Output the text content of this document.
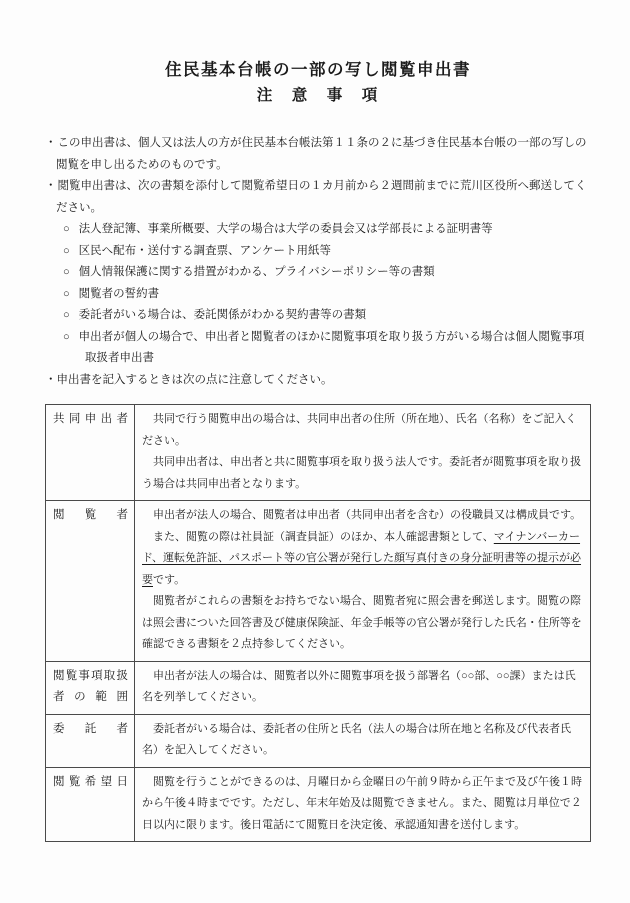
住民基本台帳の一部の写し閲覧申出書
注　意　事　項
・この申出書は、個人又は法人の方が住民基本台帳法第１１条の２に基づき住民基本台帳の一部の写しの閲覧を申し出るためのものです。
・閲覧申出書は、次の書類を添付して閲覧希望日の１カ月前から２週間前までに荒川区役所へ郵送してください。
○ 法人登記簿、事業所概要、大学の場合は大学の委員会又は学部長による証明書等
○ 区民へ配布・送付する調査票、アンケート用紙等
○ 個人情報保護に関する措置がわかる、プライバシーポリシー等の書類
○ 閲覧者の誓約書
○ 委託者がいる場合は、委託関係がわかる契約書等の書類
○ 申出者が個人の場合で、申出者と閲覧者のほかに閲覧事項を取り扱う方がいる場合は個人閲覧事項取扱者申出書
・申出書を記入するときは次の点に注意してください。
共同申出者	共同で行う閲覧申出の場合は、共同申出者の住所（所在地）、氏名（名称）をご記入ください。

共同申出者は、申出者と共に閲覧事項を取り扱う法人です。委託者が閲覧事項を取り扱う場合は共同申出者となります。

閲覧者	申出者が法人の場合、閲覧者は申出者（共同申出者を含む）の役職員又は構成員です。

また、閲覧の際は社員証（調査員証）のほか、本人確認書類として、マイナンバーカード、運転免許証、パスポート等の官公署が発行した顔写真付きの身分証明書等の提示が必要です。

閲覧者がこれらの書類をお持ちでない場合、閲覧者宛に照会書を郵送します。閲覧の際は照会書についた回答書及び健康保険証、年金手帳等の官公署が発行した氏名・住所等を確認できる書類を２点持参してください。

閲覧事項取扱
者の範囲	申出者が法人の場合は、閲覧者以外に閲覧事項を扱う部署名（○○部、○○課）または氏名を列挙してください。

委託者	委託者がいる場合は、委託者の住所と氏名（法人の場合は所在地と名称及び代表者氏名）を記入してください。

閲覧希望日	閲覧を行うことができるのは、月曜日から金曜日の午前９時から正午まで及び午後１時から午後４時までです。ただし、年末年始及は閲覧できません。また、閲覧は月単位で２日以内に限ります。後日電話にて閲覧日を決定後、承認通知書を送付します。
